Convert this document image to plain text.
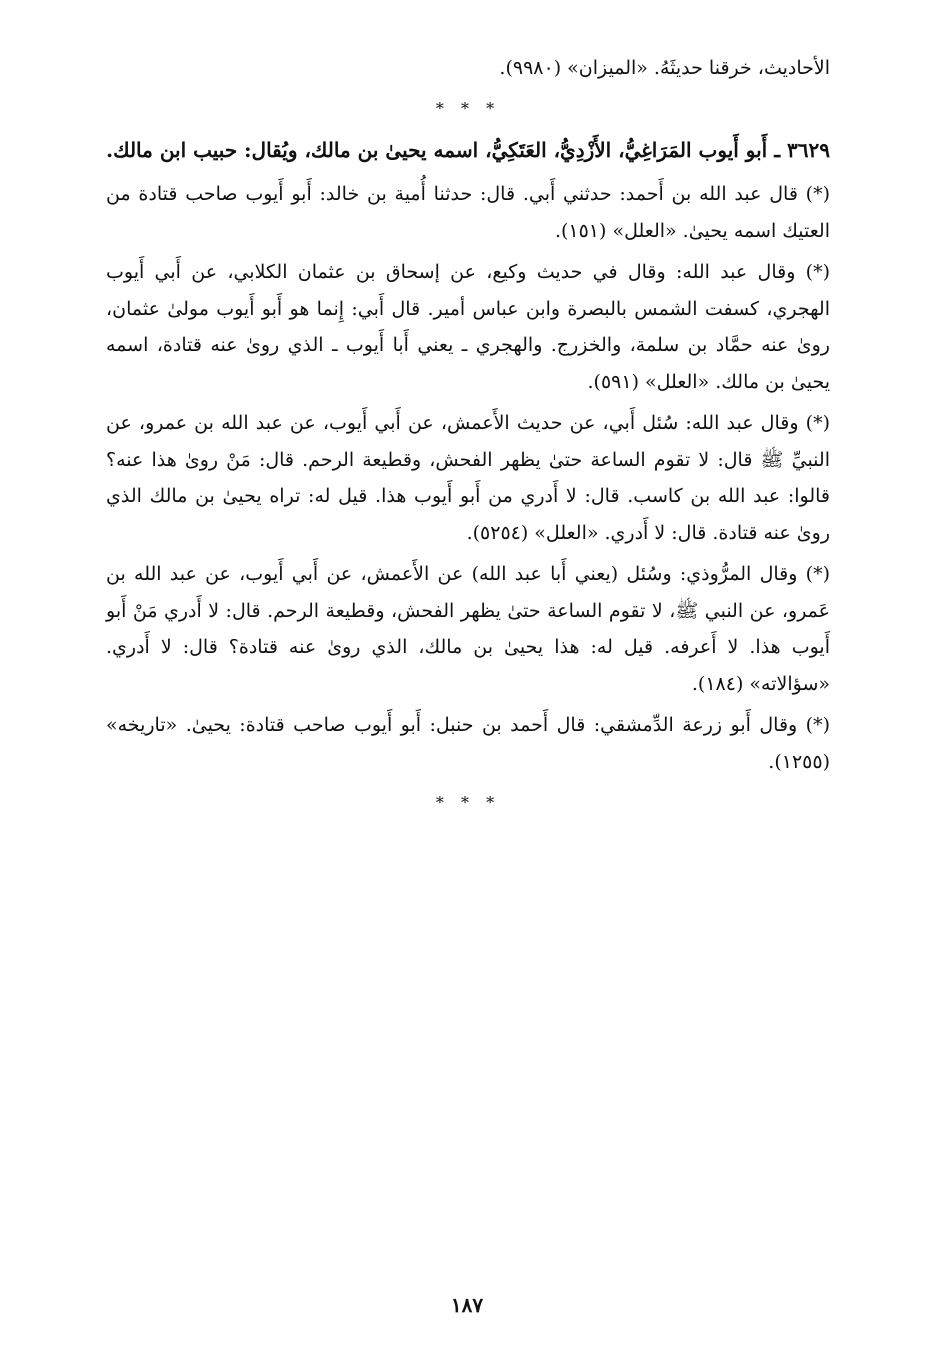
الأحاديث، خرقنا حديثَهُ. «الميزان» (٩٩٨٠).

* * *

٣٦٢٩ ـ أَبو أَيوب المَرَاغِيُّ، الأَزْدِيُّ، العَتَكِيُّ، اسمه يحيىٰ بن مالك، ويُقال: حبيب ابن مالك.

(*) قال عبد الله بن أَحمد: حدثني أَبي. قال: حدثنا أُمية بن خالد: أَبو أَيوب صاحب قتادة من العتيك اسمه يحيىٰ. «العلل» (١٥١).

(*) وقال عبد الله: وقال في حديث وكيع، عن إسحاق بن عثمان الكلابي، عن أَبي أَيوب الهجري، كسفت الشمس بالبصرة وابن عباس أمير. قال أَبي: إِنما هو أَبو أَيوب مولىٰ عثمان، روىٰ عنه حمَّاد بن سلمة، والخزرج. والهجري ـ يعني أَبا أَيوب ـ الذي روىٰ عنه قتادة، اسمه يحيىٰ بن مالك. «العلل» (٥٩١).

(*) وقال عبد الله: سُئل أَبي، عن حديث الأَعمش، عن أَبي أَيوب، عن عبد الله بن عمرو، عن النبيِّ ﷺ قال: لا تقوم الساعة حتىٰ يظهر الفحش، وقطيعة الرحم. قال: مَنْ روىٰ هذا عنه؟ قالوا: عبد الله بن كاسب. قال: لا أَدري من أَبو أَيوب هذا. قيل له: تراه يحيىٰ بن مالك الذي روىٰ عنه قتادة. قال: لا أَدري. «العلل» (٥٢٥٤).

(*) وقال المرُّوذي: وسُئل (يعني أَبا عبد الله) عن الأَعمش، عن أَبي أَيوب، عن عبد الله بن عَمرو، عن النبي ﷺ، لا تقوم الساعة حتىٰ يظهر الفحش، وقطيعة الرحم. قال: لا أَدري مَنْ أَبو أَيوب هذا. لا أَعرفه. قيل له: هذا يحيىٰ بن مالك، الذي روىٰ عنه قتادة؟ قال: لا أَدري. «سؤالاته» (١٨٤).

(*) وقال أَبو زرعة الدِّمشقي: قال أَحمد بن حنبل: أَبو أَيوب صاحب قتادة: يحيىٰ. «تاريخه» (١٢٥٥).

* * *
١٨٧
